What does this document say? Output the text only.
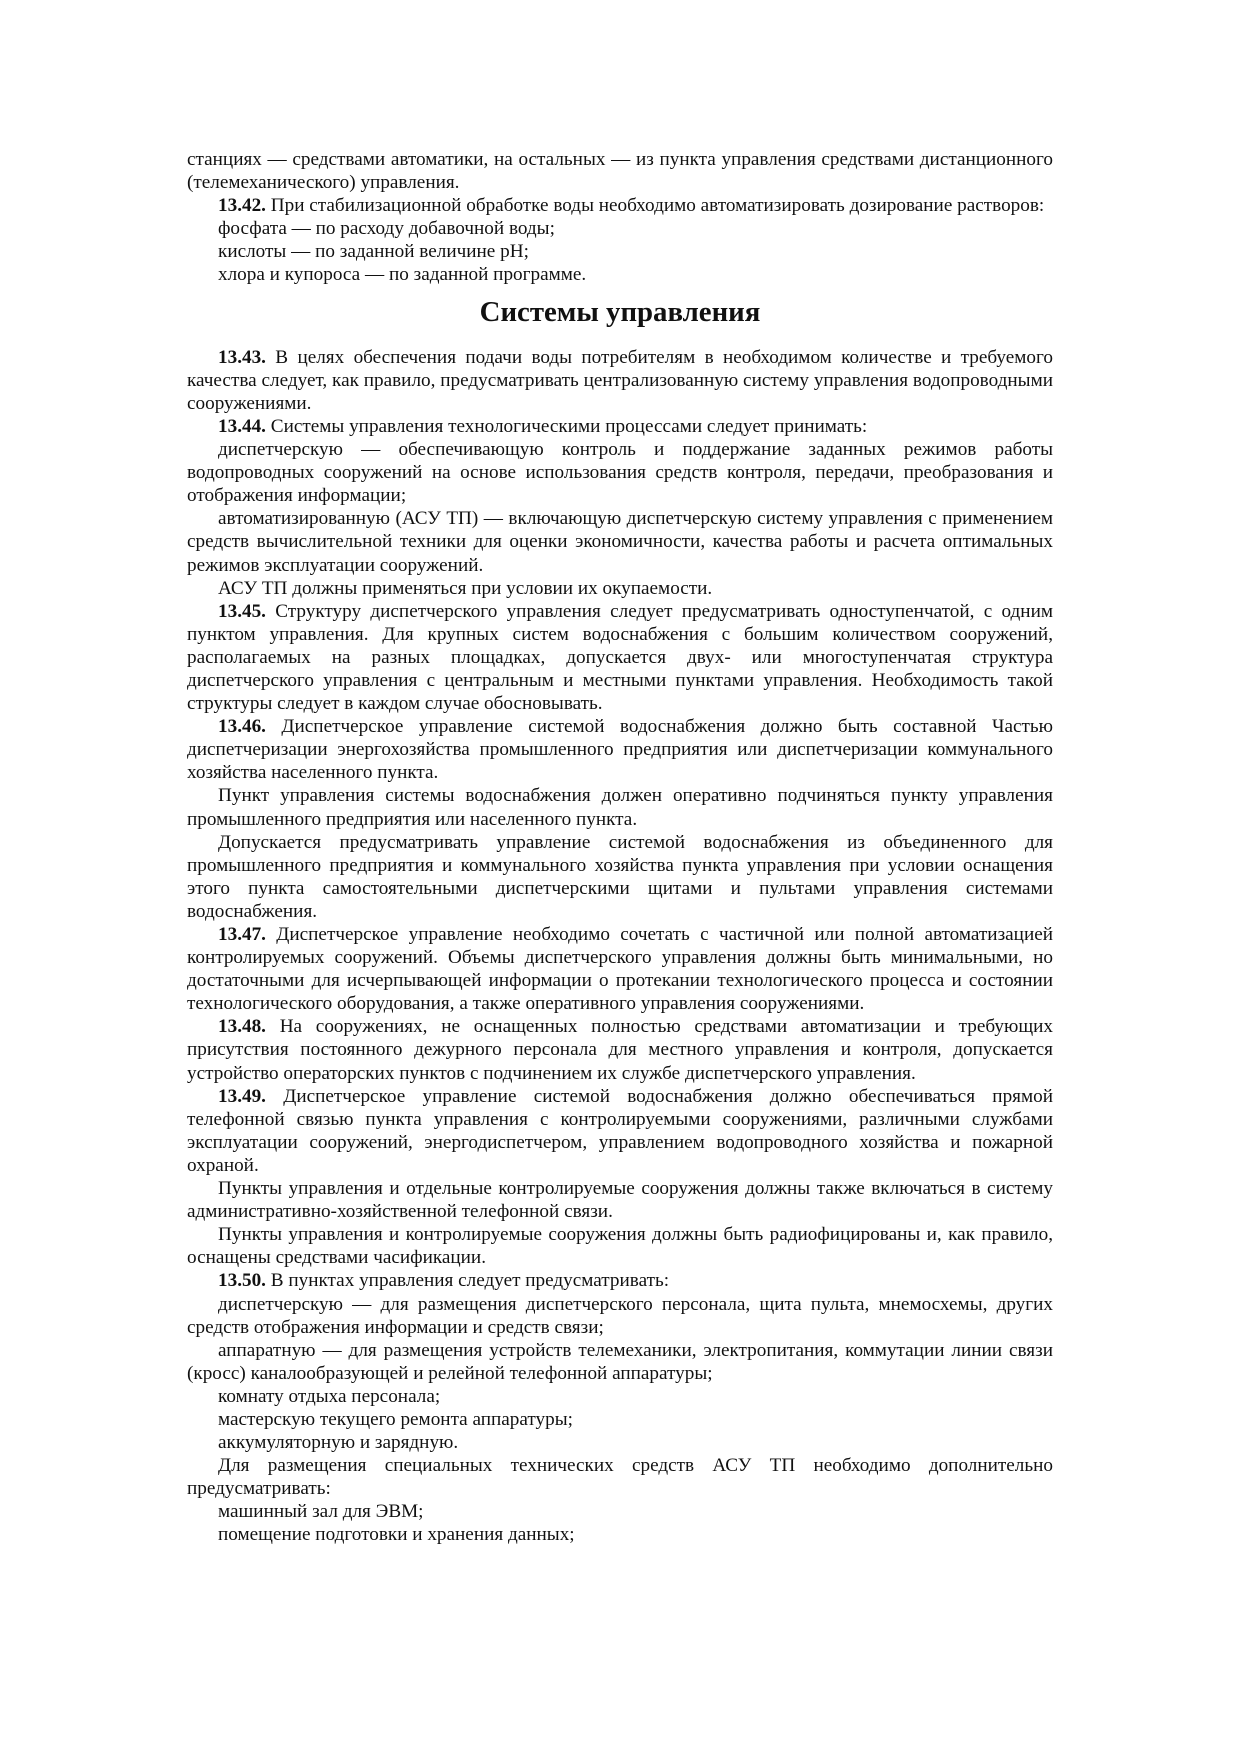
станциях — средствами автоматики, на остальных — из пункта управления средствами дистанционного (телемеханического) управления.

13.42. При стабилизационной обработке воды необходимо автоматизировать дозирование растворов:

фосфата — по расходу добавочной воды;

кислоты — по заданной величине pH;

хлора и купороса — по заданной программе.

Системы управления

13.43. В целях обеспечения подачи воды потребителям в необходимом количестве и требуемого качества следует, как правило, предусматривать централизованную систему управления водопроводными сооружениями.

13.44. Системы управления технологическими процессами следует принимать:

диспетчерскую — обеспечивающую контроль и поддержание заданных режимов работы водопроводных сооружений на основе использования средств контроля, передачи, преобразования и отображения информации;

автоматизированную (АСУ ТП) — включающую диспетчерскую систему управления с применением средств вычислительной техники для оценки экономичности, качества работы и расчета оптимальных режимов эксплуатации сооружений.

АСУ ТП должны применяться при условии их окупаемости.

13.45. Структуру диспетчерского управления следует предусматривать одноступенчатой, с одним пунктом управления. Для крупных систем водоснабжения с большим количеством сооружений, располагаемых на разных площадках, допускается двух- или многоступенчатая структура диспетчерского управления с центральным и местными пунктами управления. Необходимость такой структуры следует в каждом случае обосновывать.

13.46. Диспетчерское управление системой водоснабжения должно быть составной Частью диспетчеризации энергохозяйства промышленного предприятия или диспетчеризации коммунального хозяйства населенного пункта.

Пункт управления системы водоснабжения должен оперативно подчиняться пункту управления промышленного предприятия или населенного пункта.

Допускается предусматривать управление системой водоснабжения из объединенного для промышленного предприятия и коммунального хозяйства пункта управления при условии оснащения этого пункта самостоятельными диспетчерскими щитами и пультами управления системами водоснабжения.

13.47. Диспетчерское управление необходимо сочетать с частичной или полной автоматизацией контролируемых сооружений. Объемы диспетчерского управления должны быть минимальными, но достаточными для исчерпывающей информации о протекании технологического процесса и состоянии технологического оборудования, а также оперативного управления сооружениями.

13.48. На сооружениях, не оснащенных полностью средствами автоматизации и требующих присутствия постоянного дежурного персонала для местного управления и контроля, допускается устройство операторских пунктов с подчинением их службе диспетчерского управления.

13.49. Диспетчерское управление системой водоснабжения должно обеспечиваться прямой телефонной связью пункта управления с контролируемыми сооружениями, различными службами эксплуатации сооружений, энергодиспетчером, управлением водопроводного хозяйства и пожарной охраной.

Пункты управления и отдельные контролируемые сооружения должны также включаться в систему административно-хозяйственной телефонной связи.

Пункты управления и контролируемые сооружения должны быть радиофицированы и, как правило, оснащены средствами часификации.

13.50. В пунктах управления следует предусматривать:

диспетчерскую — для размещения диспетчерского персонала, щита пульта, мнемосхемы, других средств отображения информации и средств связи;

аппаратную — для размещения устройств телемеханики, электропитания, коммутации линии связи (кросс) каналообразующей и релейной телефонной аппаратуры;

комнату отдыха персонала;

мастерскую текущего ремонта аппаратуры;

аккумуляторную и зарядную.

Для размещения специальных технических средств АСУ ТП необходимо дополнительно предусматривать:

машинный зал для ЭВМ;

помещение подготовки и хранения данных;
